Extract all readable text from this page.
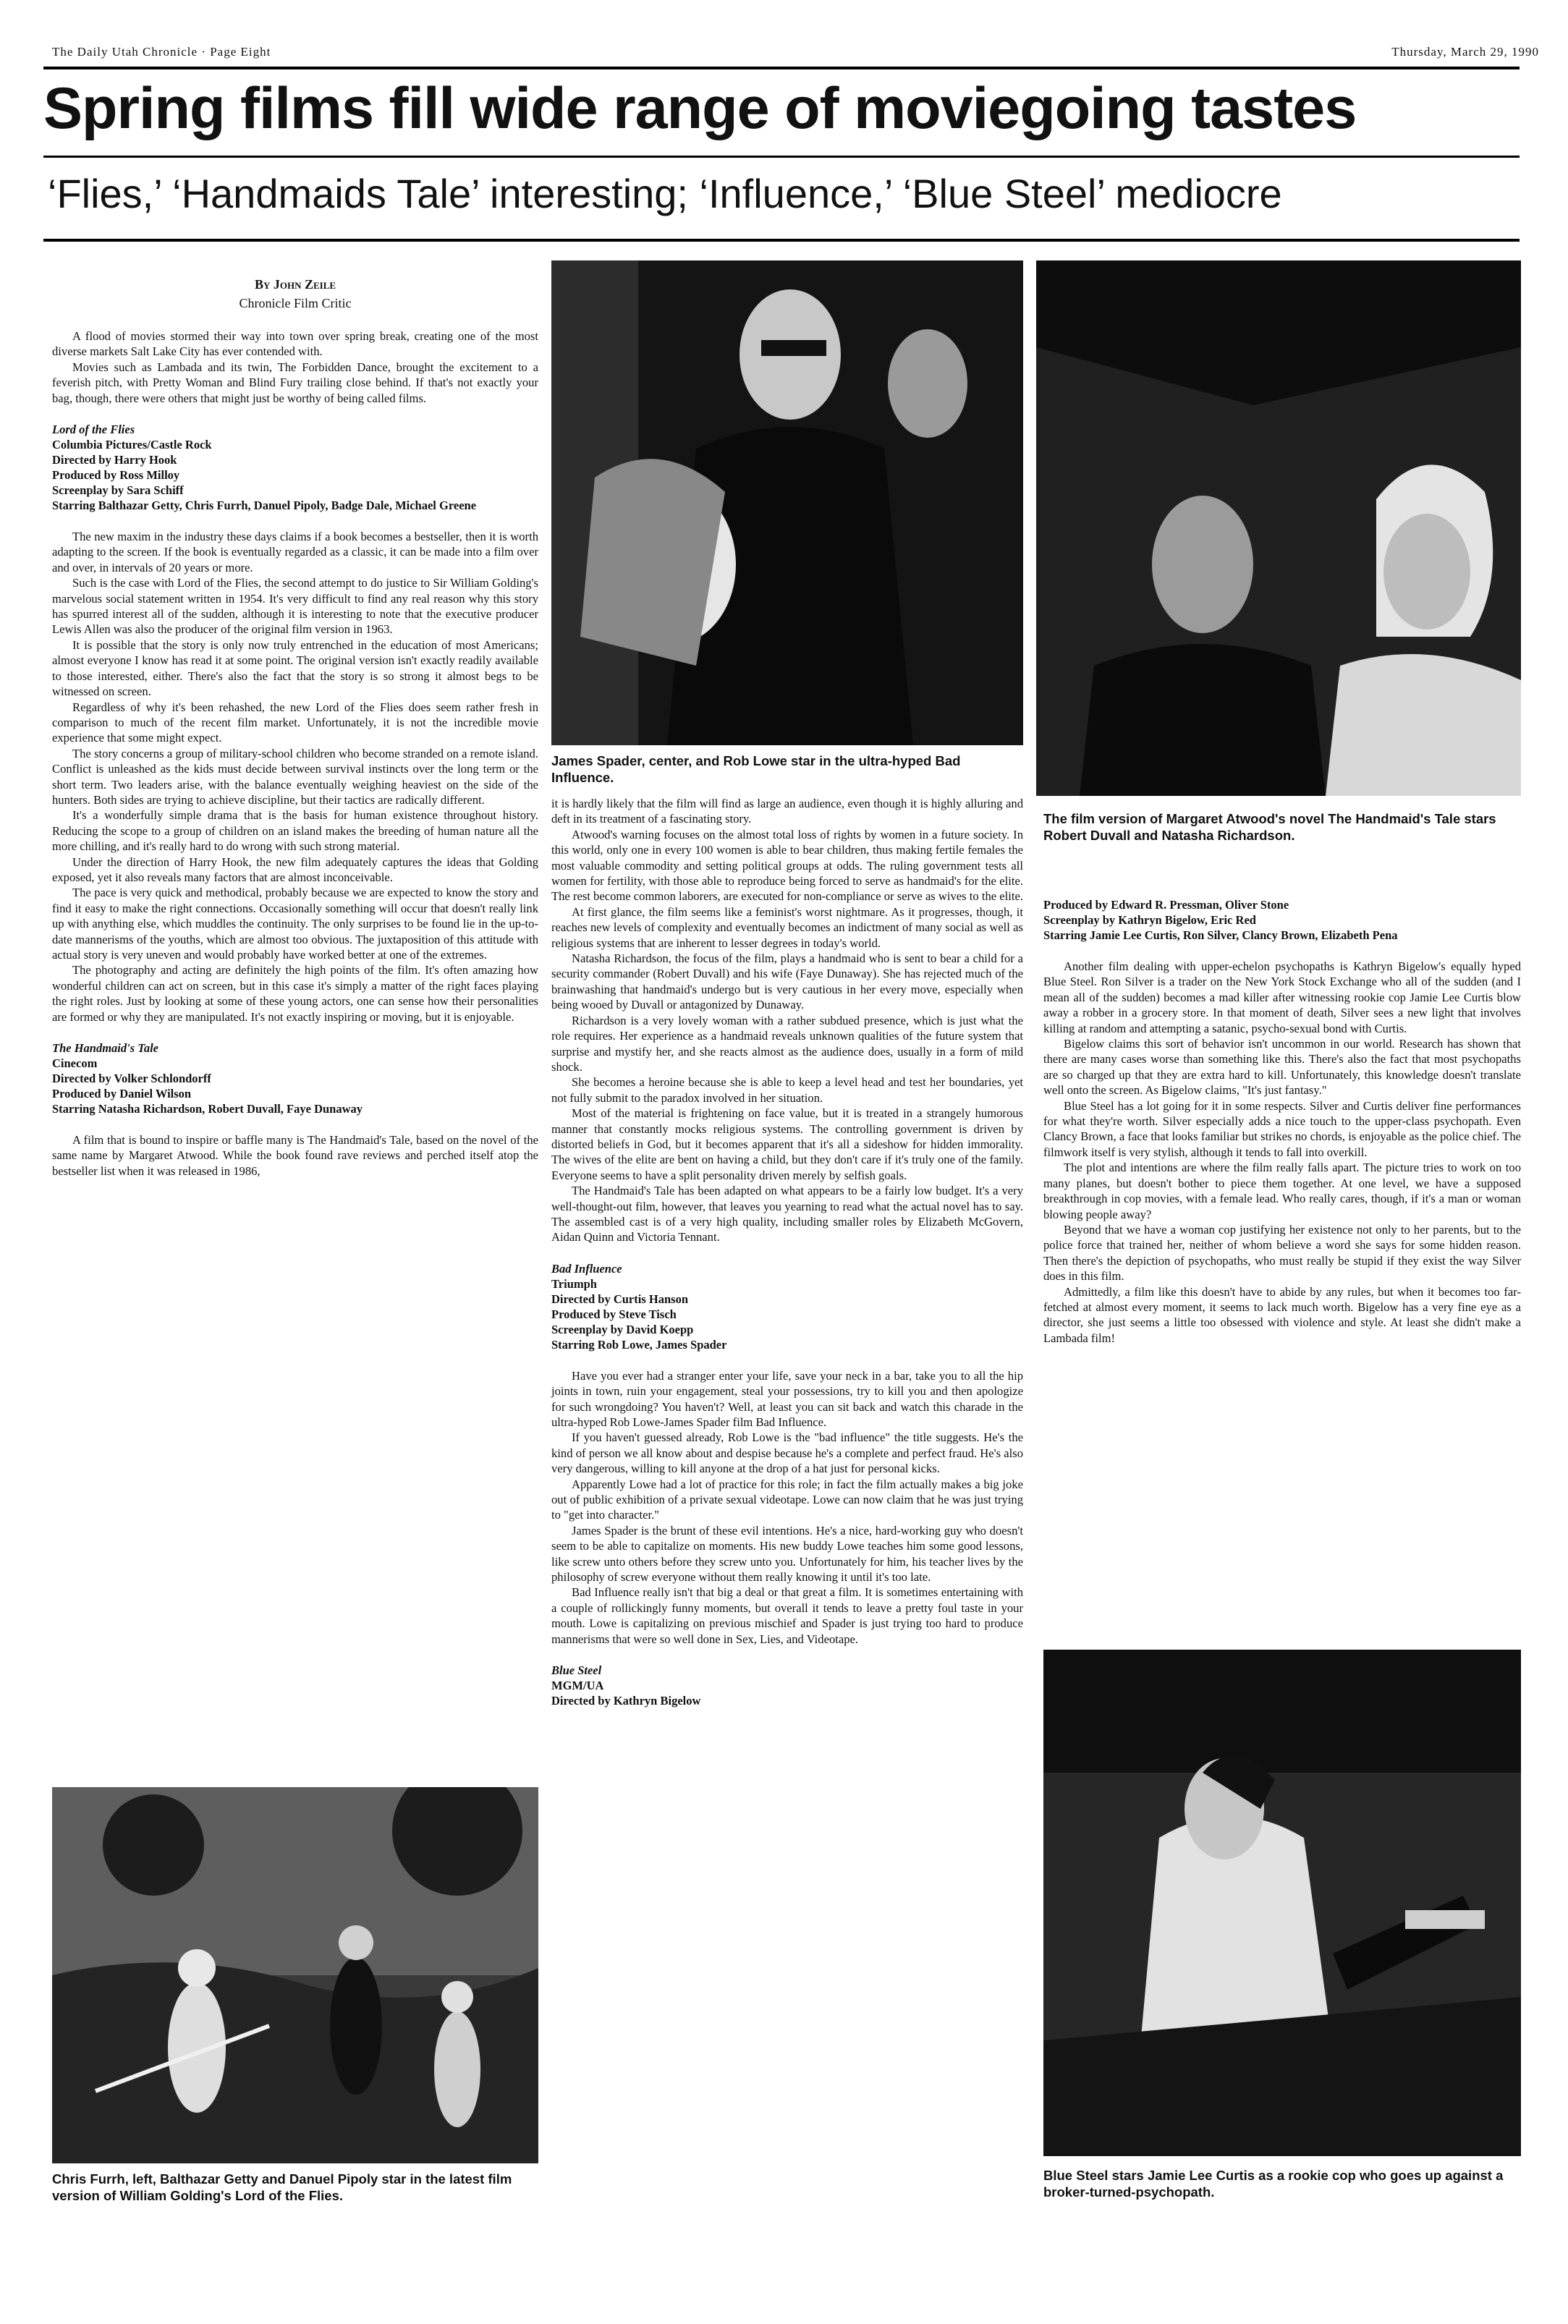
The Daily Utah Chronicle · Page Eight	Thursday, March 29, 1990
Spring films fill wide range of moviegoing tastes
‘Flies,’ ‘Handmaids Tale’ interesting; ‘Influence,’ ‘Blue Steel’ mediocre
By John Zeile
Chronicle Film Critic

A flood of movies stormed their way into town over spring break, creating one of the most diverse markets Salt Lake City has ever contended with.

Movies such as Lambada and its twin, The Forbidden Dance, brought the excitement to a feverish pitch, with Pretty Woman and Blind Fury trailing close behind. If that's not exactly your bag, though, there were others that might just be worthy of being called films.

Lord of the Flies
Columbia Pictures/Castle Rock
Directed by Harry Hook
Produced by Ross Milloy
Screenplay by Sara Schiff
Starring Balthazar Getty, Chris Furrh, Danuel Pipoly, Badge Dale, Michael Greene

The new maxim in the industry these days claims if a book becomes a bestseller, then it is worth adapting to the screen. If the book is eventually regarded as a classic, it can be made into a film over and over, in intervals of 20 years or more.

Such is the case with Lord of the Flies, the second attempt to do justice to Sir William Golding's marvelous social statement written in 1954. It's very difficult to find any real reason why this story has spurred interest all of the sudden, although it is interesting to note that the executive producer Lewis Allen was also the producer of the original film version in 1963.

It is possible that the story is only now truly entrenched in the education of most Americans; almost everyone I know has read it at some point. The original version isn't exactly readily available to those interested, either. There's also the fact that the story is so strong it almost begs to be witnessed on screen.

Regardless of why it's been rehashed, the new Lord of the Flies does seem rather fresh in comparison to much of the recent film market. Unfortunately, it is not the incredible movie experience that some might expect.

The story concerns a group of military-school children who become stranded on a remote island. Conflict is unleashed as the kids must decide between survival instincts over the long term or the short term. Two leaders arise, with the balance eventually weighing heaviest on the side of the hunters. Both sides are trying to achieve discipline, but their tactics are radically different.

It's a wonderfully simple drama that is the basis for human existence throughout history. Reducing the scope to a group of children on an island makes the breeding of human nature all the more chilling, and it's really hard to do wrong with such strong material.

Under the direction of Harry Hook, the new film adequately captures the ideas that Golding exposed, yet it also reveals many factors that are almost inconceivable.

The pace is very quick and methodical, probably because we are expected to know the story and find it easy to make the right connections. Occasionally something will occur that doesn't really link up with anything else, which muddles the continuity. The only surprises to be found lie in the up-to-date mannerisms of the youths, which are almost too obvious. The juxtaposition of this attitude with actual story is very uneven and would probably have worked better at one of the extremes.

The photography and acting are definitely the high points of the film. It's often amazing how wonderful children can act on screen, but in this case it's simply a matter of the right faces playing the right roles. Just by looking at some of these young actors, one can sense how their personalities are formed or why they are manipulated. It's not exactly inspiring or moving, but it is enjoyable.

The Handmaid's Tale
Cinecom
Directed by Volker Schlondorff
Produced by Daniel Wilson
Starring Natasha Richardson, Robert Duvall, Faye Dunaway

A film that is bound to inspire or baffle many is The Handmaid's Tale, based on the novel of the same name by Margaret Atwood. While the book found rave reviews and perched itself atop the bestseller list when it was released in 1986,

Chris Furrh, left, Balthazar Getty and Danuel Pipoly star in the latest film version of William Golding's Lord of the Flies.
James Spader, center, and Rob Lowe star in the ultra-hyped Bad Influence.

it is hardly likely that the film will find as large an audience, even though it is highly alluring and deft in its treatment of a fascinating story.

Atwood's warning focuses on the almost total loss of rights by women in a future society. In this world, only one in every 100 women is able to bear children, thus making fertile females the most valuable commodity and setting political groups at odds. The ruling government tests all women for fertility, with those able to reproduce being forced to serve as handmaid's for the elite. The rest become common laborers, are executed for non-compliance or serve as wives to the elite.

At first glance, the film seems like a feminist's worst nightmare. As it progresses, though, it reaches new levels of complexity and eventually becomes an indictment of many social as well as religious systems that are inherent to lesser degrees in today's world.

Natasha Richardson, the focus of the film, plays a handmaid who is sent to bear a child for a security commander (Robert Duvall) and his wife (Faye Dunaway). She has rejected much of the brainwashing that handmaid's undergo but is very cautious in her every move, especially when being wooed by Duvall or antagonized by Dunaway.

Richardson is a very lovely woman with a rather subdued presence, which is just what the role requires. Her experience as a handmaid reveals unknown qualities of the future system that surprise and mystify her, and she reacts almost as the audience does, usually in a form of mild shock.

She becomes a heroine because she is able to keep a level head and test her boundaries, yet not fully submit to the paradox involved in her situation.

Most of the material is frightening on face value, but it is treated in a strangely humorous manner that constantly mocks religious systems. The controlling government is driven by distorted beliefs in God, but it becomes apparent that it's all a sideshow for hidden immorality. The wives of the elite are bent on having a child, but they don't care if it's truly one of the family. Everyone seems to have a split personality driven merely by selfish goals.

The Handmaid's Tale has been adapted on what appears to be a fairly low budget. It's a very well-thought-out film, however, that leaves you yearning to read what the actual novel has to say. The assembled cast is of a very high quality, including smaller roles by Elizabeth McGovern, Aidan Quinn and Victoria Tennant.

Bad Influence
Triumph
Directed by Curtis Hanson
Produced by Steve Tisch
Screenplay by David Koepp
Starring Rob Lowe, James Spader

Have you ever had a stranger enter your life, save your neck in a bar, take you to all the hip joints in town, ruin your engagement, steal your possessions, try to kill you and then apologize for such wrongdoing? You haven't? Well, at least you can sit back and watch this charade in the ultra-hyped Rob Lowe-James Spader film Bad Influence.

If you haven't guessed already, Rob Lowe is the "bad influence" the title suggests. He's the kind of person we all know about and despise because he's a complete and perfect fraud. He's also very dangerous, willing to kill anyone at the drop of a hat just for personal kicks.

Apparently Lowe had a lot of practice for this role; in fact the film actually makes a big joke out of public exhibition of a private sexual videotape. Lowe can now claim that he was just trying to "get into character."

James Spader is the brunt of these evil intentions. He's a nice, hard-working guy who doesn't seem to be able to capitalize on moments. His new buddy Lowe teaches him some good lessons, like screw unto others before they screw unto you. Unfortunately for him, his teacher lives by the philosophy of screw everyone without them really knowing it until it's too late.

Bad Influence really isn't that big a deal or that great a film. It is sometimes entertaining with a couple of rollickingly funny moments, but overall it tends to leave a pretty foul taste in your mouth. Lowe is capitalizing on previous mischief and Spader is just trying too hard to produce mannerisms that were so well done in Sex, Lies, and Videotape.

Blue Steel
MGM/UA
Directed by Kathryn Bigelow
The film version of Margaret Atwood's novel The Handmaid's Tale stars Robert Duvall and Natasha Richardson.
Produced by Edward R. Pressman, Oliver Stone
Screenplay by Kathryn Bigelow, Eric Red
Starring Jamie Lee Curtis, Ron Silver, Clancy Brown, Elizabeth Pena

Another film dealing with upper-echelon psychopaths is Kathryn Bigelow's equally hyped Blue Steel. Ron Silver is a trader on the New York Stock Exchange who all of the sudden (and I mean all of the sudden) becomes a mad killer after witnessing rookie cop Jamie Lee Curtis blow away a robber in a grocery store. In that moment of death, Silver sees a new light that involves killing at random and attempting a satanic, psycho-sexual bond with Curtis.

Bigelow claims this sort of behavior isn't uncommon in our world. Research has shown that there are many cases worse than something like this. There's also the fact that most psychopaths are so charged up that they are extra hard to kill. Unfortunately, this knowledge doesn't translate well onto the screen. As Bigelow claims, "It's just fantasy."

Blue Steel has a lot going for it in some respects. Silver and Curtis deliver fine performances for what they're worth. Silver especially adds a nice touch to the upper-class psychopath. Even Clancy Brown, a face that looks familiar but strikes no chords, is enjoyable as the police chief. The filmwork itself is very stylish, although it tends to fall into overkill.

The plot and intentions are where the film really falls apart. The picture tries to work on too many planes, but doesn't bother to piece them together. At one level, we have a supposed breakthrough in cop movies, with a female lead. Who really cares, though, if it's a man or woman blowing people away?

Beyond that we have a woman cop justifying her existence not only to her parents, but to the police force that trained her, neither of whom believe a word she says for some hidden reason. Then there's the depiction of psychopaths, who must really be stupid if they exist the way Silver does in this film.

Admittedly, a film like this doesn't have to abide by any rules, but when it becomes too far-fetched at almost every moment, it seems to lack much worth. Bigelow has a very fine eye as a director, she just seems a little too obsessed with violence and style. At least she didn't make a Lambada film!

Blue Steel stars Jamie Lee Curtis as a rookie cop who goes up against a broker-turned-psychopath.
